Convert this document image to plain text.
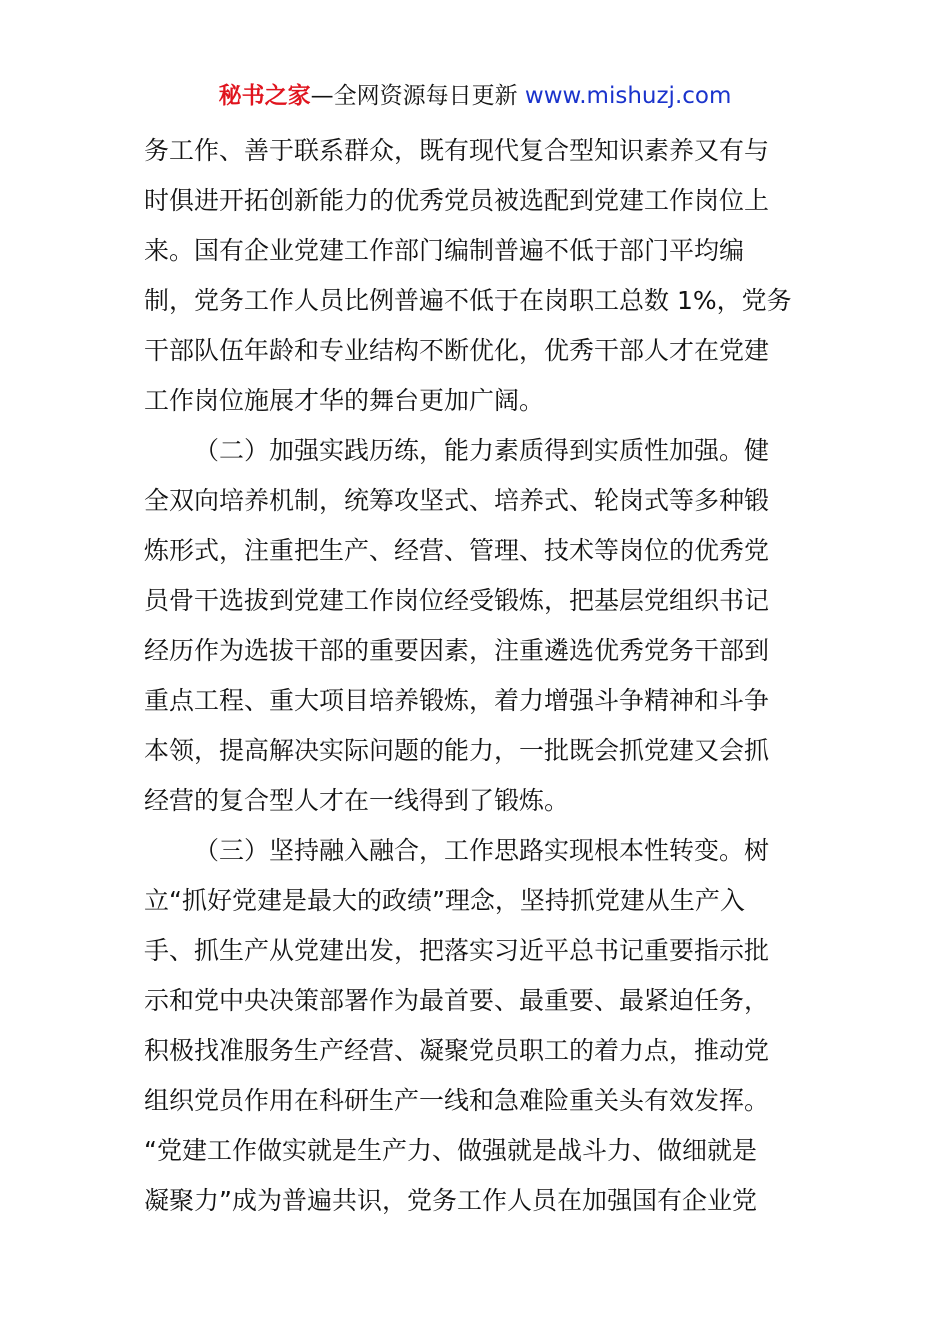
秘书之家—全网资源每日更新 www.mishuzj.com
务工作、善于联系群众，既有现代复合型知识素养又有与
时俱进开拓创新能力的优秀党员被选配到党建工作岗位上
来。国有企业党建工作部门编制普遍不低于部门平均编
制，党务工作人员比例普遍不低于在岗职工总数 1%，党务
干部队伍年龄和专业结构不断优化，优秀干部人才在党建
工作岗位施展才华的舞台更加广阔。
（二）加强实践历练，能力素质得到实质性加强。健
全双向培养机制，统筹攻坚式、培养式、轮岗式等多种锻
炼形式，注重把生产、经营、管理、技术等岗位的优秀党
员骨干选拔到党建工作岗位经受锻炼，把基层党组织书记
经历作为选拔干部的重要因素，注重遴选优秀党务干部到
重点工程、重大项目培养锻炼，着力增强斗争精神和斗争
本领，提高解决实际问题的能力，一批既会抓党建又会抓
经营的复合型人才在一线得到了锻炼。
（三）坚持融入融合，工作思路实现根本性转变。树
立“抓好党建是最大的政绩”理念，坚持抓党建从生产入
手、抓生产从党建出发，把落实习近平总书记重要指示批
示和党中央决策部署作为最首要、最重要、最紧迫任务，
积极找准服务生产经营、凝聚党员职工的着力点，推动党
组织党员作用在科研生产一线和急难险重关头有效发挥。
“党建工作做实就是生产力、做强就是战斗力、做细就是
凝聚力”成为普遍共识，党务工作人员在加强国有企业党
